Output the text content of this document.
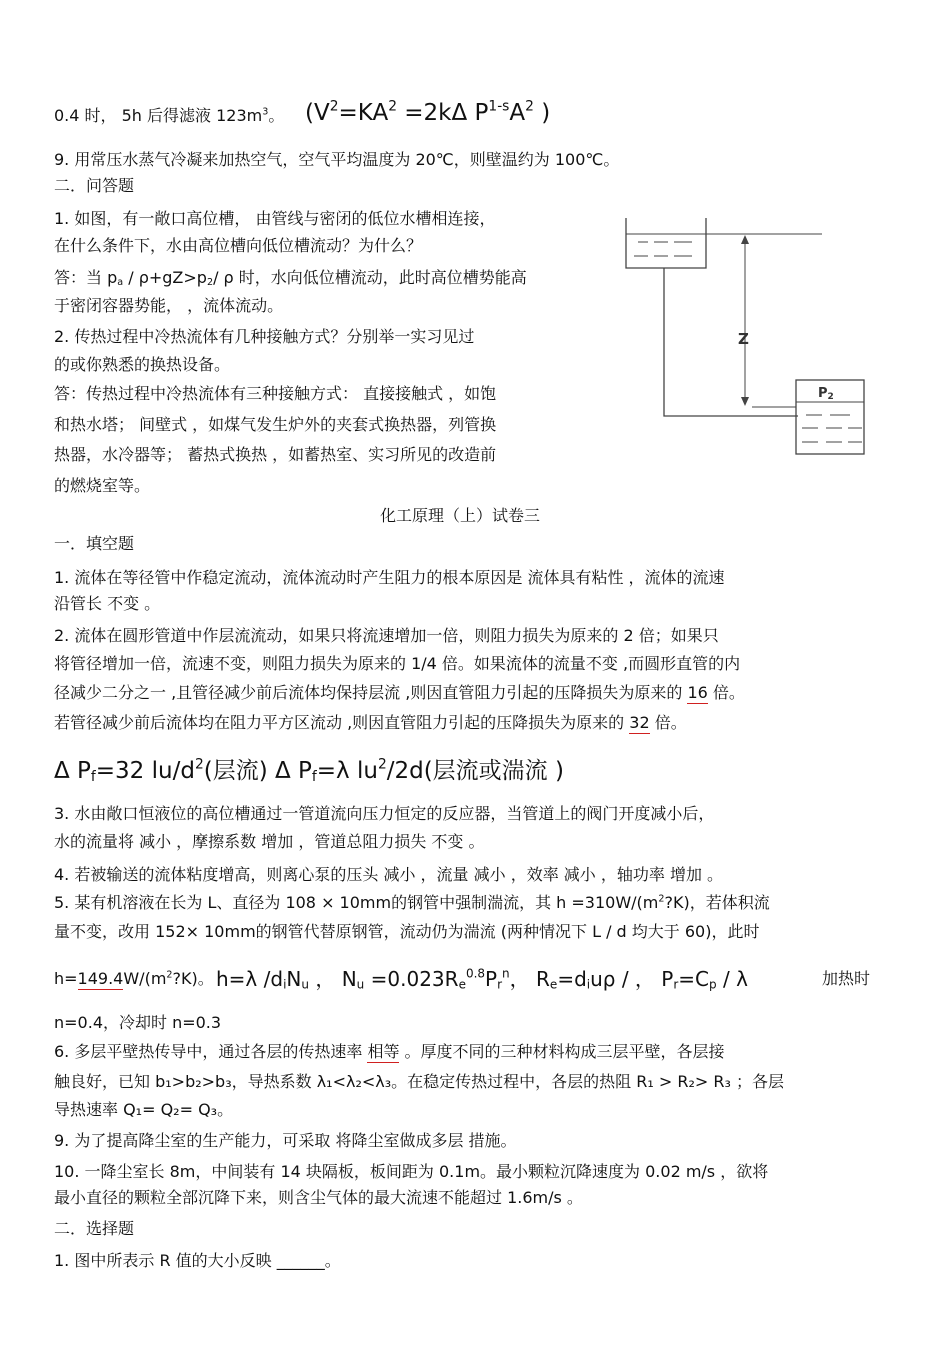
0.4 时， 5h 后得滤液 $123m^3$。 ($V^2=KA^2 =2k\Delta$ $P^{1-s}A^2$ )
9. 用常压水蒸气冷凝来加热空气，空气平均温度为 20℃，则壁温约为 100℃。
二．问答题
1. 如图，有一敞口高位槽， 由管线与密闭的低位水槽相连接，
在什么条件下，水由高位槽向低位槽流动？为什么？
答：当 $p_a / \rho+gZ>p_2/$ ρ 时，水向低位槽流动，此时高位槽势能高
于密闭容器势能， ，流体流动。
2. 传热过程中冷热流体有几种接触方式？分别举一实习见过
的或你熟悉的换热设备。
答：传热过程中冷热流体有三种接触方式： 直接接触式 ，如饱
和热水塔； 间壁式 ，如煤气发生炉外的夹套式换热器，列管换
热器，水冷器等； 蓄热式换热 ，如蓄热室、实习所见的改造前
的燃烧室等。
Z
P2
化工原理（上）试卷三
一．填空题
1. 流体在等径管中作稳定流动，流体流动时产生阻力的根本原因是 流体具有粘性 ，流体的流速
沿管长 不变 。
2. 流体在圆形管道中作层流流动，如果只将流速增加一倍，则阻力损失为原来的 2 倍；如果只
将管径增加一倍，流速不变，则阻力损失为原来的 1/4 倍。如果流体的流量不变 ,而圆形直管的内
径减少二分之一 ,且管径减少前后流体均保持层流 ,则因直管阻力引起的压降损失为原来的 16 倍。
若管径减少前后流体均在阻力平方区流动 ,则因直管阻力引起的压降损失为原来的 32 倍。
Δ $P_f=32$ $lu/d^2$(层流) Δ $P_f=\lambda$ $lu^2/2d$(层流或湍流 )
3. 水由敞口恒液位的高位槽通过一管道流向压力恒定的反应器，当管道上的阀门开度减小后，
水的流量将 减小 ，摩擦系数 增加 ，管道总阻力损失 不变 。
4. 若被输送的流体粘度增高，则离心泵的压头 减小 ，流量 减小 ，效率 减小 ，轴功率 增加 。
5. 某有机溶液在长为 L、直径为 108 × 10mm的钢管中强制湍流，其 $h =310W/(m^2?K)$，若体积流
量不变，改用 152× 10mm的钢管代替原钢管，流动仍为湍流 (两种情况下 L / d 均大于 60)，此时
$h=149.4W/(m^2?K)$。 h=λ $/d_iN_u$ ， $N_u =0.023R_e^{0.8}P_r^n$， $R_e=d_iu\rho$ / ， $P_r=C_p / \lambda$	加热时
n=0.4，冷却时 n=0.3
6. 多层平壁热传导中，通过各层的传热速率 相等 。厚度不同的三种材料构成三层平壁，各层接
触良好，已知 b₁>b₂>b₃，导热系数 λ₁<λ₂<λ₃。在稳定传热过程中，各层的热阻 R₁ > R₂> R₃ ；各层
导热速率 Q₁= Q₂= Q₃。
9. 为了提高降尘室的生产能力，可采取 将降尘室做成多层 措施。
10. 一降尘室长 8m，中间装有 14 块隔板，板间距为 0.1m。最小颗粒沉降速度为 0.02 m/s ，欲将
最小直径的颗粒全部沉降下来，则含尘气体的最大流速不能超过 1.6m/s 。
二．选择题
1. 图中所表示 R 值的大小反映 ______。
